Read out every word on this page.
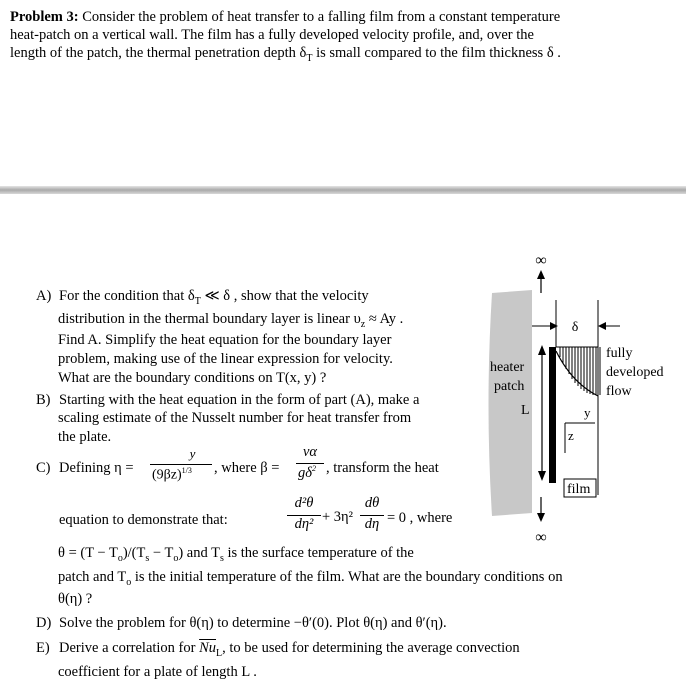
Problem 3: Consider the problem of heat transfer to a falling film from a constant temperature
heat-patch on a vertical wall. The film has a fully developed velocity profile, and, over the
length of the patch, the thermal penetration depth $\delta_T$ is small compared to the film thickness δ .
A) For the condition that $\delta_T$ ≪ δ , show that the velocity
distribution in the thermal boundary layer is linear $\upsilon_z \approx Ay$ .
Find A. Simplify the heat equation for the boundary layer
problem, making use of the linear expression for velocity.
What are the boundary conditions on T(x, y) ?
B) Starting with the heat equation in the form of part (A), make a
scaling estimate of the Nusselt number for heat transfer from
the plate.
C) Defining η =
y
$(9\beta z)^{1/3}$ , where β =
να
$g\delta^2$ , transform the heat
equation to demonstrate that:
d²θ
dη² + 3η²
dθ
dη = 0 , where
$\theta = (T - T_o)/(T_s - T_o)$ and $T_s$ is the surface temperature of the
patch and $T_o$ is the initial temperature of the film. What are the boundary conditions on
θ(η) ?
D) Solve the problem for θ(η) to determine −θ′(0). Plot θ(η) and θ′(η).
E) Derive a correlation for $\overline{Nu}_L$, to be used for determining the average convection
coefficient for a plate of length L .
∞
∞
δ
heater
patch
L	y
z
film
fully
developed
flow
